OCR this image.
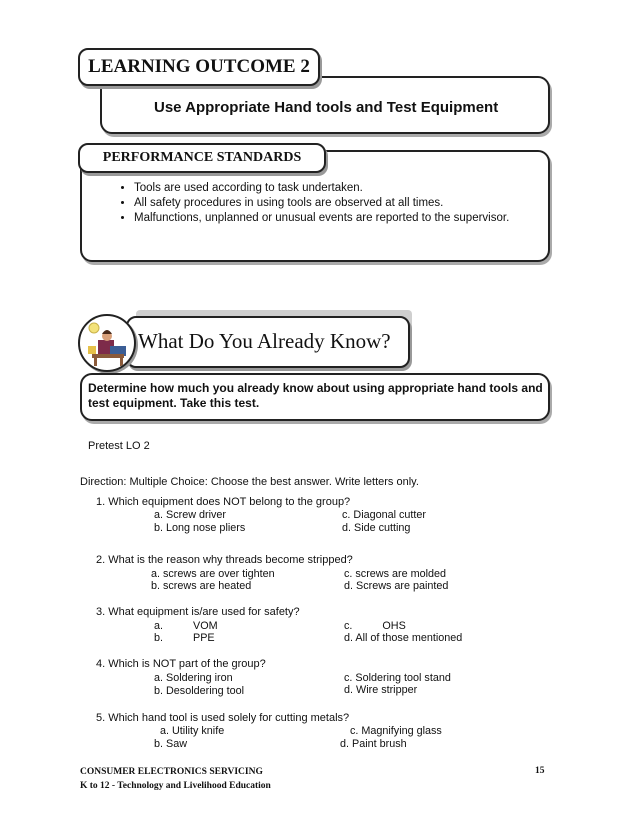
Use Appropriate Hand tools and Test Equipment
LEARNING OUTCOME 2
PERFORMANCE STANDARDS
• Tools are used according to task undertaken.
• All safety procedures in using tools are observed at all times.
• Malfunctions, unplanned or unusual events are reported to the supervisor.
What Do You Already Know?
Determine how much you already know about using appropriate hand tools and
test equipment. Take this test.
Pretest LO 2
Direction: Multiple Choice: Choose the best answer. Write letters only.
1. Which equipment does NOT belong to the group?
a. Screw driver	c. Diagonal cutter
b. Long nose pliers	d. Side cutting
2. What is the reason why threads become stripped?
a. screws are over tighten	c. screws are molded
b. screws are heated	d. Screws are painted
3. What equipment is/are used for safety?
a.          VOM	c.          OHS
b.          PPE	d. All of those mentioned
4. Which is NOT part of the group?
a. Soldering iron	c. Soldering tool stand
b. Desoldering tool	d. Wire stripper
5. Which hand tool is used solely for cutting metals?
a. Utility knife	c. Magnifying glass
b. Saw	d. Paint brush
CONSUMER ELECTRONICS SERVICING
K to 12 - Technology and Livelihood Education
15
